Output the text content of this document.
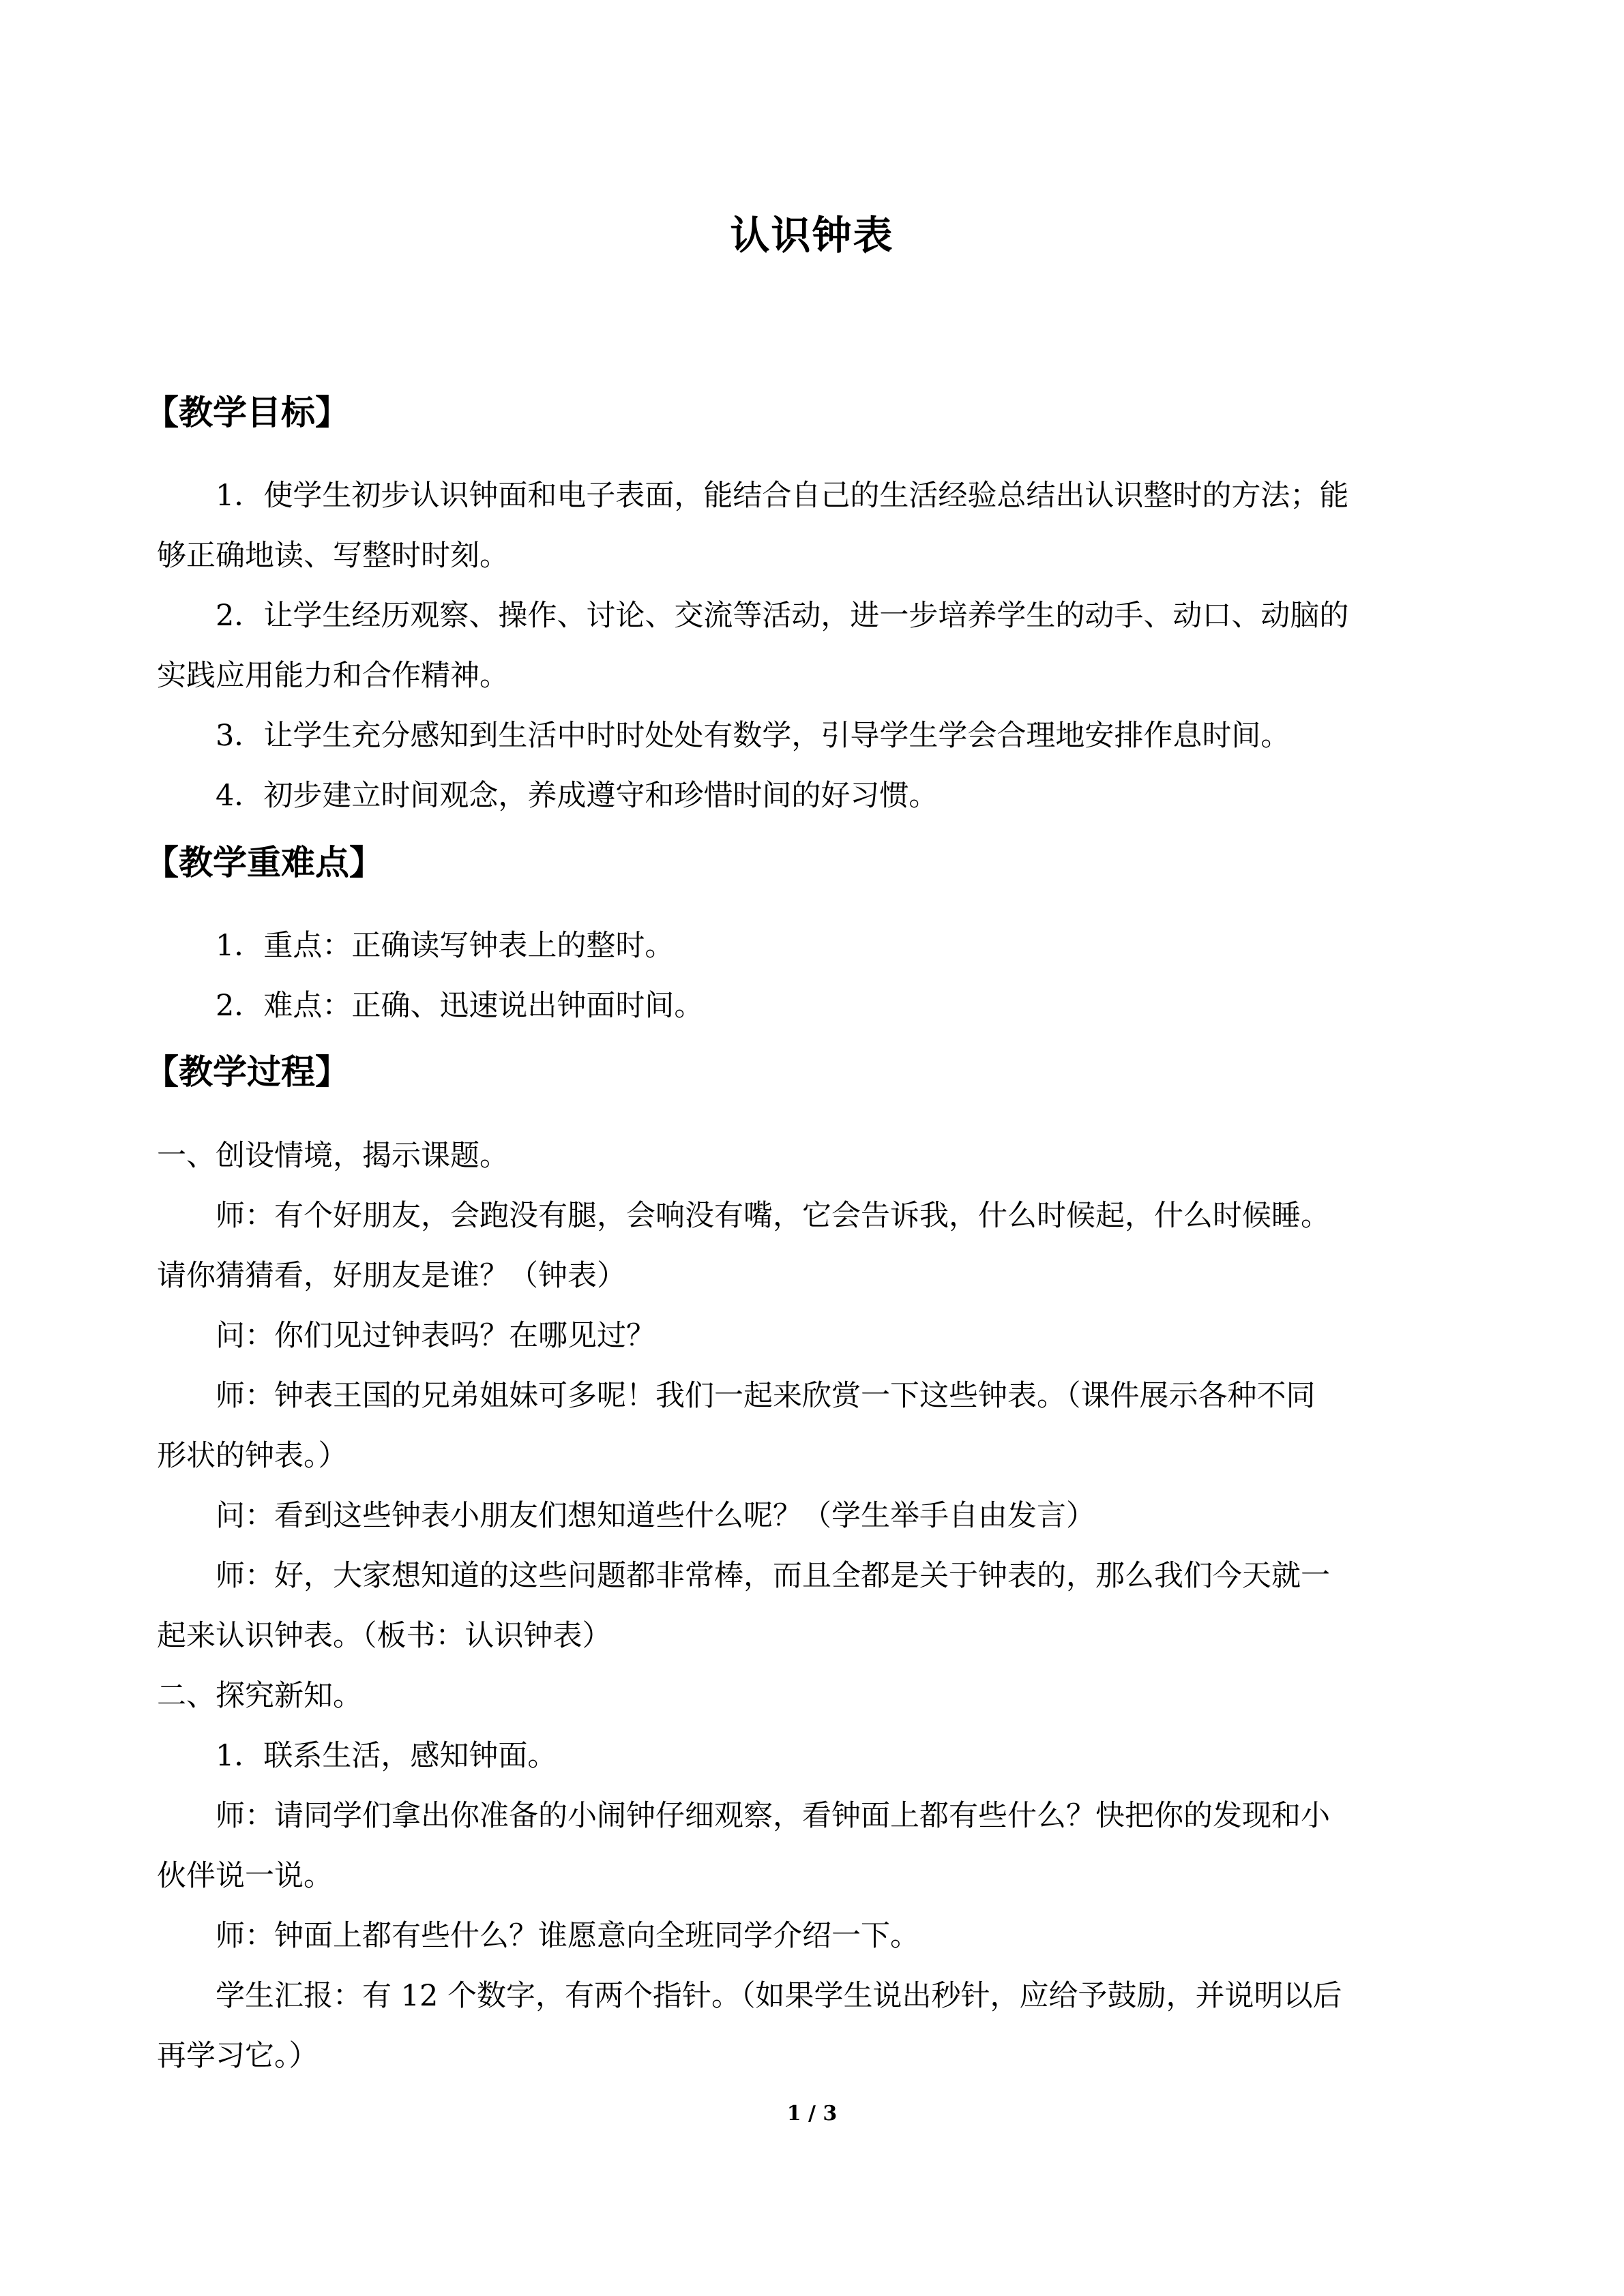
认识钟表
【教学目标】
1．使学生初步认识钟面和电子表面，能结合自己的生活经验总结出认识整时的方法；能
够正确地读、写整时时刻。
2．让学生经历观察、操作、讨论、交流等活动，进一步培养学生的动手、动口、动脑的
实践应用能力和合作精神。
3．让学生充分感知到生活中时时处处有数学，引导学生学会合理地安排作息时间。
4．初步建立时间观念，养成遵守和珍惜时间的好习惯。
【教学重难点】
1．重点：正确读写钟表上的整时。
2．难点：正确、迅速说出钟面时间。
【教学过程】
一、创设情境，揭示课题。
师：有个好朋友，会跑没有腿，会响没有嘴，它会告诉我，什么时候起，什么时候睡。
请你猜猜看，好朋友是谁？（钟表）
问：你们见过钟表吗？在哪见过？
师：钟表王国的兄弟姐妹可多呢！我们一起来欣赏一下这些钟表。（课件展示各种不同
形状的钟表。）
问：看到这些钟表小朋友们想知道些什么呢？（学生举手自由发言）
师：好，大家想知道的这些问题都非常棒，而且全都是关于钟表的，那么我们今天就一
起来认识钟表。（板书：认识钟表）
二、探究新知。
1．联系生活，感知钟面。
师：请同学们拿出你准备的小闹钟仔细观察，看钟面上都有些什么？快把你的发现和小
伙伴说一说。
师：钟面上都有些什么？谁愿意向全班同学介绍一下。
学生汇报：有 12 个数字，有两个指针。（如果学生说出秒针，应给予鼓励，并说明以后
再学习它。）
1 / 3
